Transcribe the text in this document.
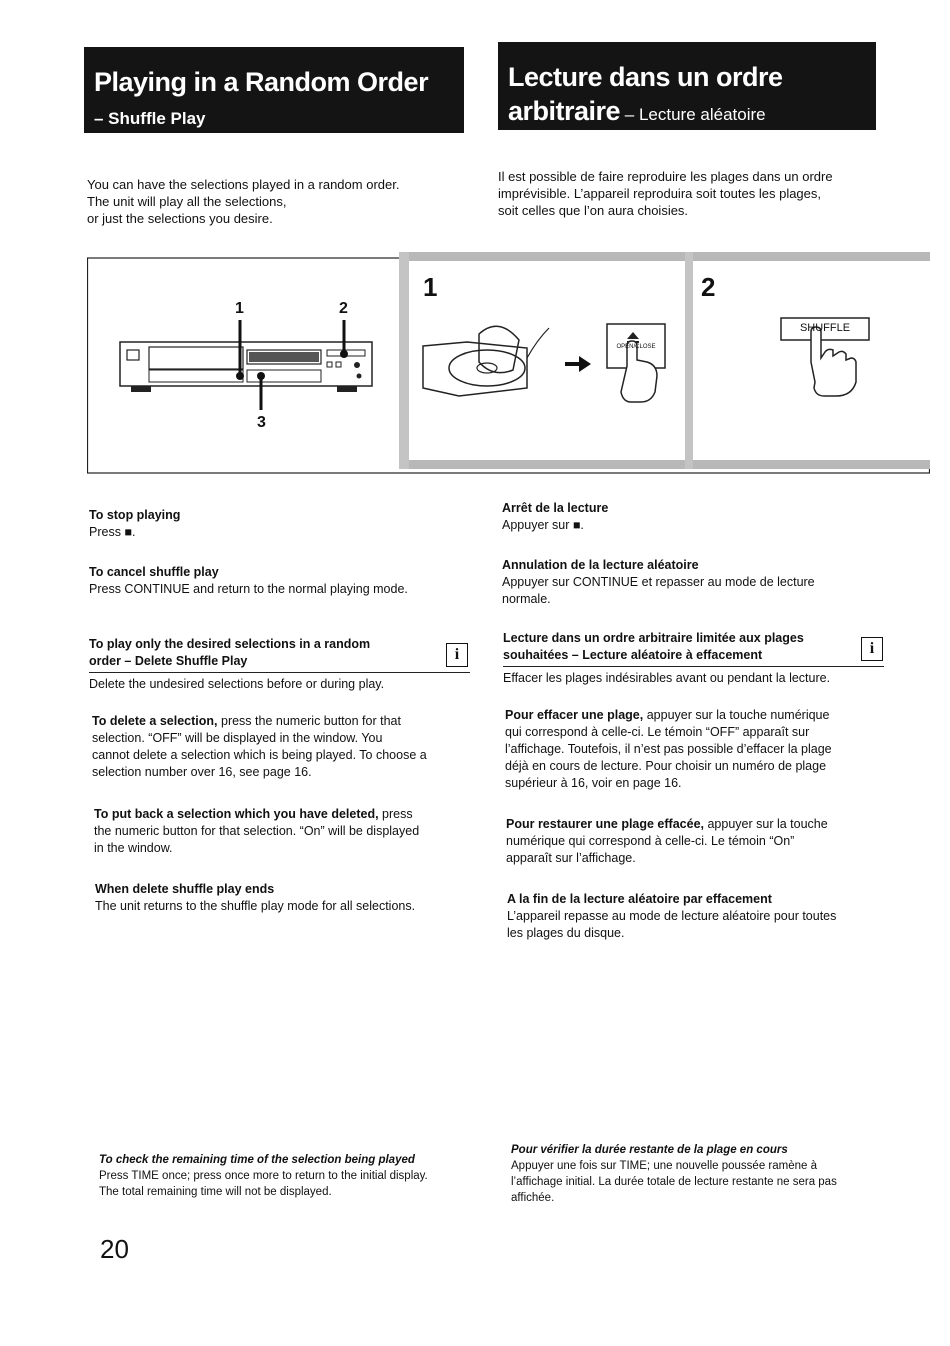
Playing in a Random Order
– Shuffle Play
Lecture dans un ordre
arbitraire – Lecture aléatoire
You can have the selections played in a random order.
The unit will play all the selections,
or just the selections you desire.
Il est possible de faire reproduire les plages dans un ordre
imprévisible. L’appareil reproduira soit toutes les plages,
soit celles que l’on aura choisies.
1	2
3
1	2
OPEN/CLOSE
SHUFFLE
To stop playing

Press ■.

To cancel shuffle play

Press CONTINUE and return to the normal playing mode.

To play only the desired selections in a random
order – Delete Shuffle Play

Delete the undesired selections before or during play.

i

To delete a selection, press the numeric button for that

selection. “OFF” will be displayed in the window. You

cannot delete a selection which is being played. To choose a

selection number over 16, see page 16.

To put back a selection which you have deleted, press

the numeric button for that selection. “On” will be displayed

in the window.

When delete shuffle play ends

The unit returns to the shuffle play mode for all selections.

Arrêt de la lecture

Appuyer sur ■.

Annulation de la lecture aléatoire

Appuyer sur CONTINUE et repasser au mode de lecture

normale.

Lecture dans un ordre arbitraire limitée aux plages
souhaitées – Lecture aléatoire à effacement

Effacer les plages indésirables avant ou pendant la lecture.

i

Pour effacer une plage, appuyer sur la touche numérique

qui correspond à celle-ci. Le témoin “OFF” apparaît sur

l’affichage. Toutefois, il n’est pas possible d’effacer la plage

déjà en cours de lecture. Pour choisir un numéro de plage

supérieur à 16, voir en page 16.

Pour restaurer une plage effacée, appuyer sur la touche

numérique qui correspond à celle-ci. Le témoin “On”

apparaît sur l’affichage.

A la fin de la lecture aléatoire par effacement

L’appareil repasse au mode de lecture aléatoire pour toutes

les plages du disque.

To check the remaining time of the selection being played

Press TIME once; press once more to return to the initial display.

The total remaining time will not be displayed.

Pour vérifier la durée restante de la plage en cours

Appuyer une fois sur TIME; une nouvelle poussée ramène à

l’affichage initial. La durée totale de lecture restante ne sera pas

affichée.

20
